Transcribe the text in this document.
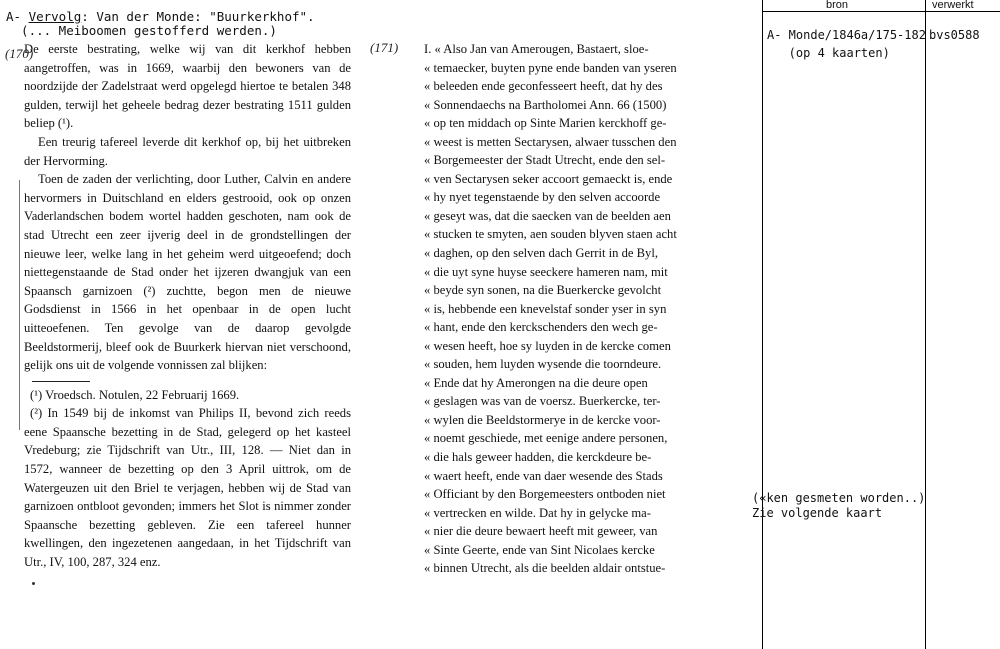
A- Vervolg: Van der Monde: "Buurkerkhof".
(... Meiboomen gestofferd werden.)
(170)	(171)

De eerste bestrating, welke wij van dit kerkhof hebben aangetroffen, was in 1669, waarbij den bewoners van de noordzijde der Zadelstraat werd opgelegd hiertoe te betalen 348 gulden, terwijl het geheele bedrag dezer bestrating 1511 gulden beliep (¹).

Een treurig tafereel leverde dit kerkhof op, bij het uitbreken der Hervorming.

Toen de zaden der verlichting, door Luther, Calvin en andere hervormers in Duitschland en elders gestrooid, ook op onzen Vaderlandschen bodem wortel hadden geschoten, nam ook de stad Utrecht een zeer ijverig deel in de grondstellingen der nieuwe leer, welke lang in het geheim werd uitgeoefend; doch niettegenstaande de Stad onder het ijzeren dwangjuk van een Spaansch garnizoen (²) zuchtte, begon men de nieuwe Godsdienst in 1566 in het openbaar in de open lucht uitteoefenen. Ten gevolge van de daarop gevolgde Beeldstormerij, bleef ook de Buurkerk hiervan niet verschoond, gelijk ons uit de volgende vonnissen zal blijken:

(¹) Vroedsch. Notulen, 22 Februarij 1669.

(²) In 1549 bij de inkomst van Philips II, bevond zich reeds eene Spaansche bezetting in de Stad, gelegerd op het kasteel Vredeburg; zie Tijdschrift van Utr., III, 128. — Niet dan in 1572, wanneer de bezetting op den 3 April uittrok, om de Watergeuzen uit den Briel te verjagen, hebben wij de Stad van garnizoen ontbloot gevonden; immers het Slot is nimmer zonder Spaansche bezetting gebleven. Zie een tafereel hunner kwellingen, den ingezetenen aangedaan, in het Tijdschrift van Utr., IV, 100, 287, 324 enz.

I. « Also Jan van Amerougen, Bastaert, sloe-
« temaecker, buyten pyne ende banden van yseren
« beleeden ende geconfesseert heeft, dat hy des
« Sonnendaechs na Bartholomei Ann. 66 (1500)
« op ten middach op Sinte Marien kerckhoff ge-
« weest is metten Sectarysen, alwaer tusschen den
« Borgemeester der Stadt Utrecht, ende den sel-
« ven Sectarysen seker accoort gemaeckt is, ende
« hy nyet tegenstaende by den selven accoorde
« geseyt was, dat die saecken van de beelden aen
« stucken te smyten, aen souden blyven staen acht
« daghen, op den selven dach Gerrit in de Byl,
« die uyt syne huyse seeckere hameren nam, mit
« beyde syn sonen, na die Buerkercke gevolcht
« is, hebbende een knevelstaf sonder yser in syn
« hant, ende den kerckschenders den wech ge-
« wesen heeft, hoe sy luyden in de kercke comen
« souden, hem luyden wysende die toorndeure.
« Ende dat hy Amerongen na die deure open
« geslagen was van de voersz. Buerkercke, ter-
« wylen die Beeldstormerye in de kercke voor-
« noemt geschiede, met eenige andere personen,
« die hals geweer hadden, die kerckdeure be-
« waert heeft, ende van daer wesende des Stads
« Officiant by den Borgemeesters ontboden niet
« vertrecken en wilde. Dat hy in gelycke ma-
« nier die deure bewaert heeft mit geweer, van
« Sinte Geerte, ende van Sint Nicolaes kercke
« binnen Utrecht, als die beelden aldair ontstue-
bron	verwerkt
A- Monde/1846a/175-182
(op 4 kaarten)
bvs0588
(«ken gesmeten worden..)
Zie volgende kaart
